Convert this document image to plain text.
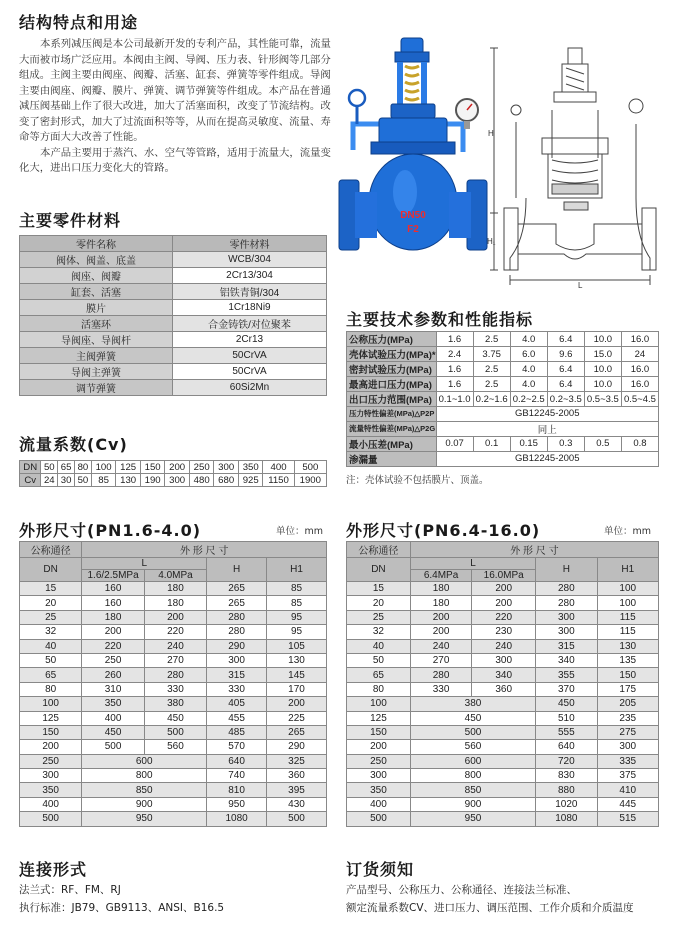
结构特点和用途

本系列减压阀是本公司最新开发的专利产品，其性能可靠，流量大而被市场广泛应用。本阀由主阀、导阀、压力表、针形阀等几部分组成。主阀主要由阀座、阀瓣、活塞、缸套、弹簧等零件组成。导阀主要由阀座、阀瓣、膜片、弹簧、调节弹簧等件组成。本产品在普通减压阀基础上作了很大改进，加大了活塞面积，改变了节流结构。改变了密封形式，加大了过流面积等等，从而在提高灵敏度、流量、寿命等方面大大改善了性能。

本产品主要用于蒸汽、水、空气等管路，适用于流量大，流量变化大，进出口压力变化大的管路。

DN50
F2
H
H₁
L
主要零件材料
零件名称	零件材料
阀体、阀盖、底盖	WCB/304
阀座、阀瓣	2Cr13/304
缸套、活塞	铝铁青铜/304
膜片	1Cr18Ni9
活塞环	合金铸铁/对位聚苯
导阀座、导阀杆	2Cr13
主阀弹簧	50CrVA
导阀主弹簧	50CrVA
调节弹簧	60Si2Mn
主要技术参数和性能指标
公称压力(MPa)	1.6	2.5	4.0	6.4	10.0	16.0
壳体试验压力(MPa)*	2.4	3.75	6.0	9.6	15.0	24
密封试验压力(MPa)	1.6	2.5	4.0	6.4	10.0	16.0
最高进口压力(MPa)	1.6	2.5	4.0	6.4	10.0	16.0
出口压力范围(MPa)	0.1~1.0	0.2~1.6	0.2~2.5	0.2~3.5	0.5~3.5	0.5~4.5
压力特性偏差(MPa)△P2P	GB12245-2005					
流量特性偏差(MPa)△P2G	同上					
最小压差(MPa)	0.07	0.1	0.15	0.3	0.5	0.8
渗漏量	GB12245-2005					
注：壳体试验不包括膜片、顶盖。
流量系数(Cv)
DN	50	65	80	100	125	150	200	250	300	350	400	500
Cv	24	30	50	85	130	190	300	480	680	925	1150	1900
外形尺寸(PN1.6-4.0)	单位：mm
公称通径	外 形 尺 寸			
DN	L		H	H1
	1.6/2.5MPa	4.0MPa		
15	160	180	265	85
20	160	180	265	85
25	180	200	280	95
32	200	220	280	95
40	220	240	290	105
50	250	270	300	130
65	260	280	315	145
80	310	330	330	170
100	350	380	405	200
125	400	450	455	225
150	450	500	485	265
200	500	560	570	290
250	600		640	325
300	800		740	360
350	850		810	395
400	900		950	430
500	950		1080	500
外形尺寸(PN6.4-16.0)	单位：mm
公称通径	外 形 尺 寸			
DN	L		H	H1
	6.4MPa	16.0MPa		
15	180	200	280	100
20	180	200	280	100
25	200	220	300	115
32	200	230	300	115
40	240	240	315	130
50	270	300	340	135
65	280	340	355	150
80	330	360	370	175
100	380		450	205
125	450		510	235
150	500		555	275
200	560		640	300
250	600		720	335
300	800		830	375
350	850		880	410
400	900		1020	445
500	950		1080	515
连接形式
法兰式：RF、FM、RJ
执行标准：JB79、GB9113、ANSI、B16.5
订货须知
产品型号、公称压力、公称通径、连接法兰标准、
额定流量系数CV、进口压力、调压范围、工作介质和介质温度
